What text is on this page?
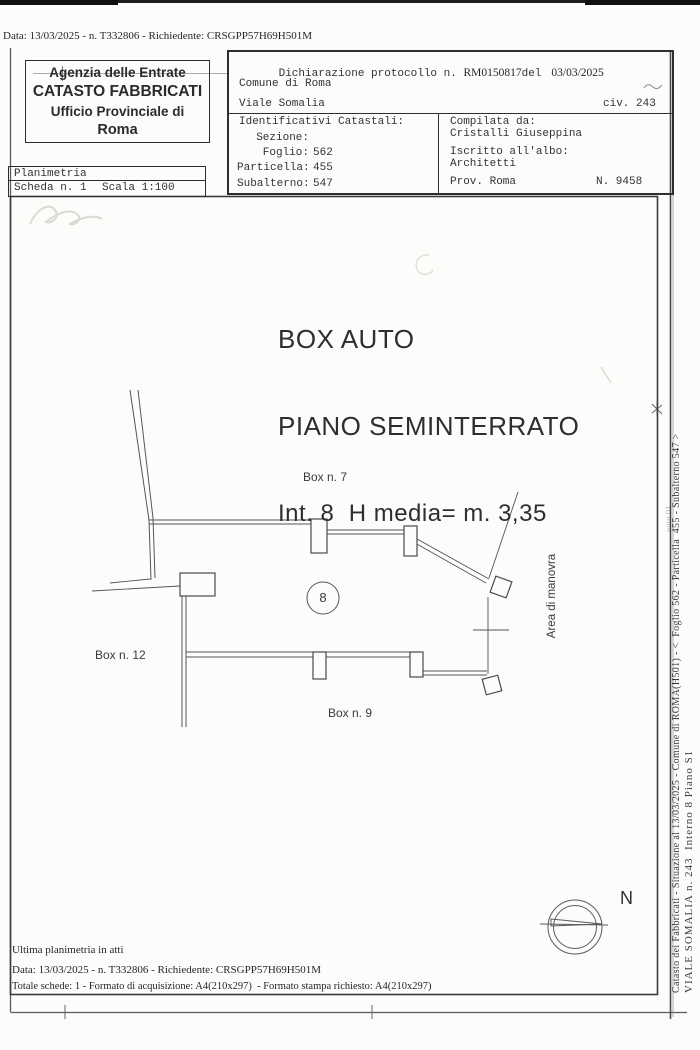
Data: 13/03/2025 - n. T332806 - Richiedente: CRSGPP57H69H501M
Agenzia delle Entrate
CATASTO FABBRICATI
Ufficio Provinciale di
Roma

Dichiarazione protocollo n. RM0150817del 03/03/2025

Comune di Roma
Viale Somalia	civ. 243
Identificativi Catastali:
Sezione:
Foglio: 562
Particella: 455
Subalterno: 547
Compilata da:
Cristalli Giuseppina
Iscritto all'albo:
Architetti
Prov. Roma	N. 9458
Planimetria
Scheda n. 1 Scala 1:100

BOX AUTO

PIANO SEMINTERRATO

Int. 8  H media= m. 3,35

Box n. 7
Box n. 12
Box n. 9
8	Area di manovra
N
Ultima planimetria in atti
Data: 13/03/2025 - n. T332806 - Richiedente: CRSGPP57H69H501M
Totale schede: 1 - Formato di acquisizione: A4(210x297)  - Formato stampa richiesto: A4(210x297)	Catasto dei Fabbricati - Situazione al 13/03/2025 - Comune di ROMA(H501) - <  Foglio 562 - Particella  455 - Subalterno 547 > VIALE SOMALIA n. 243  Interno 8 Piano S1
uuiu 01
